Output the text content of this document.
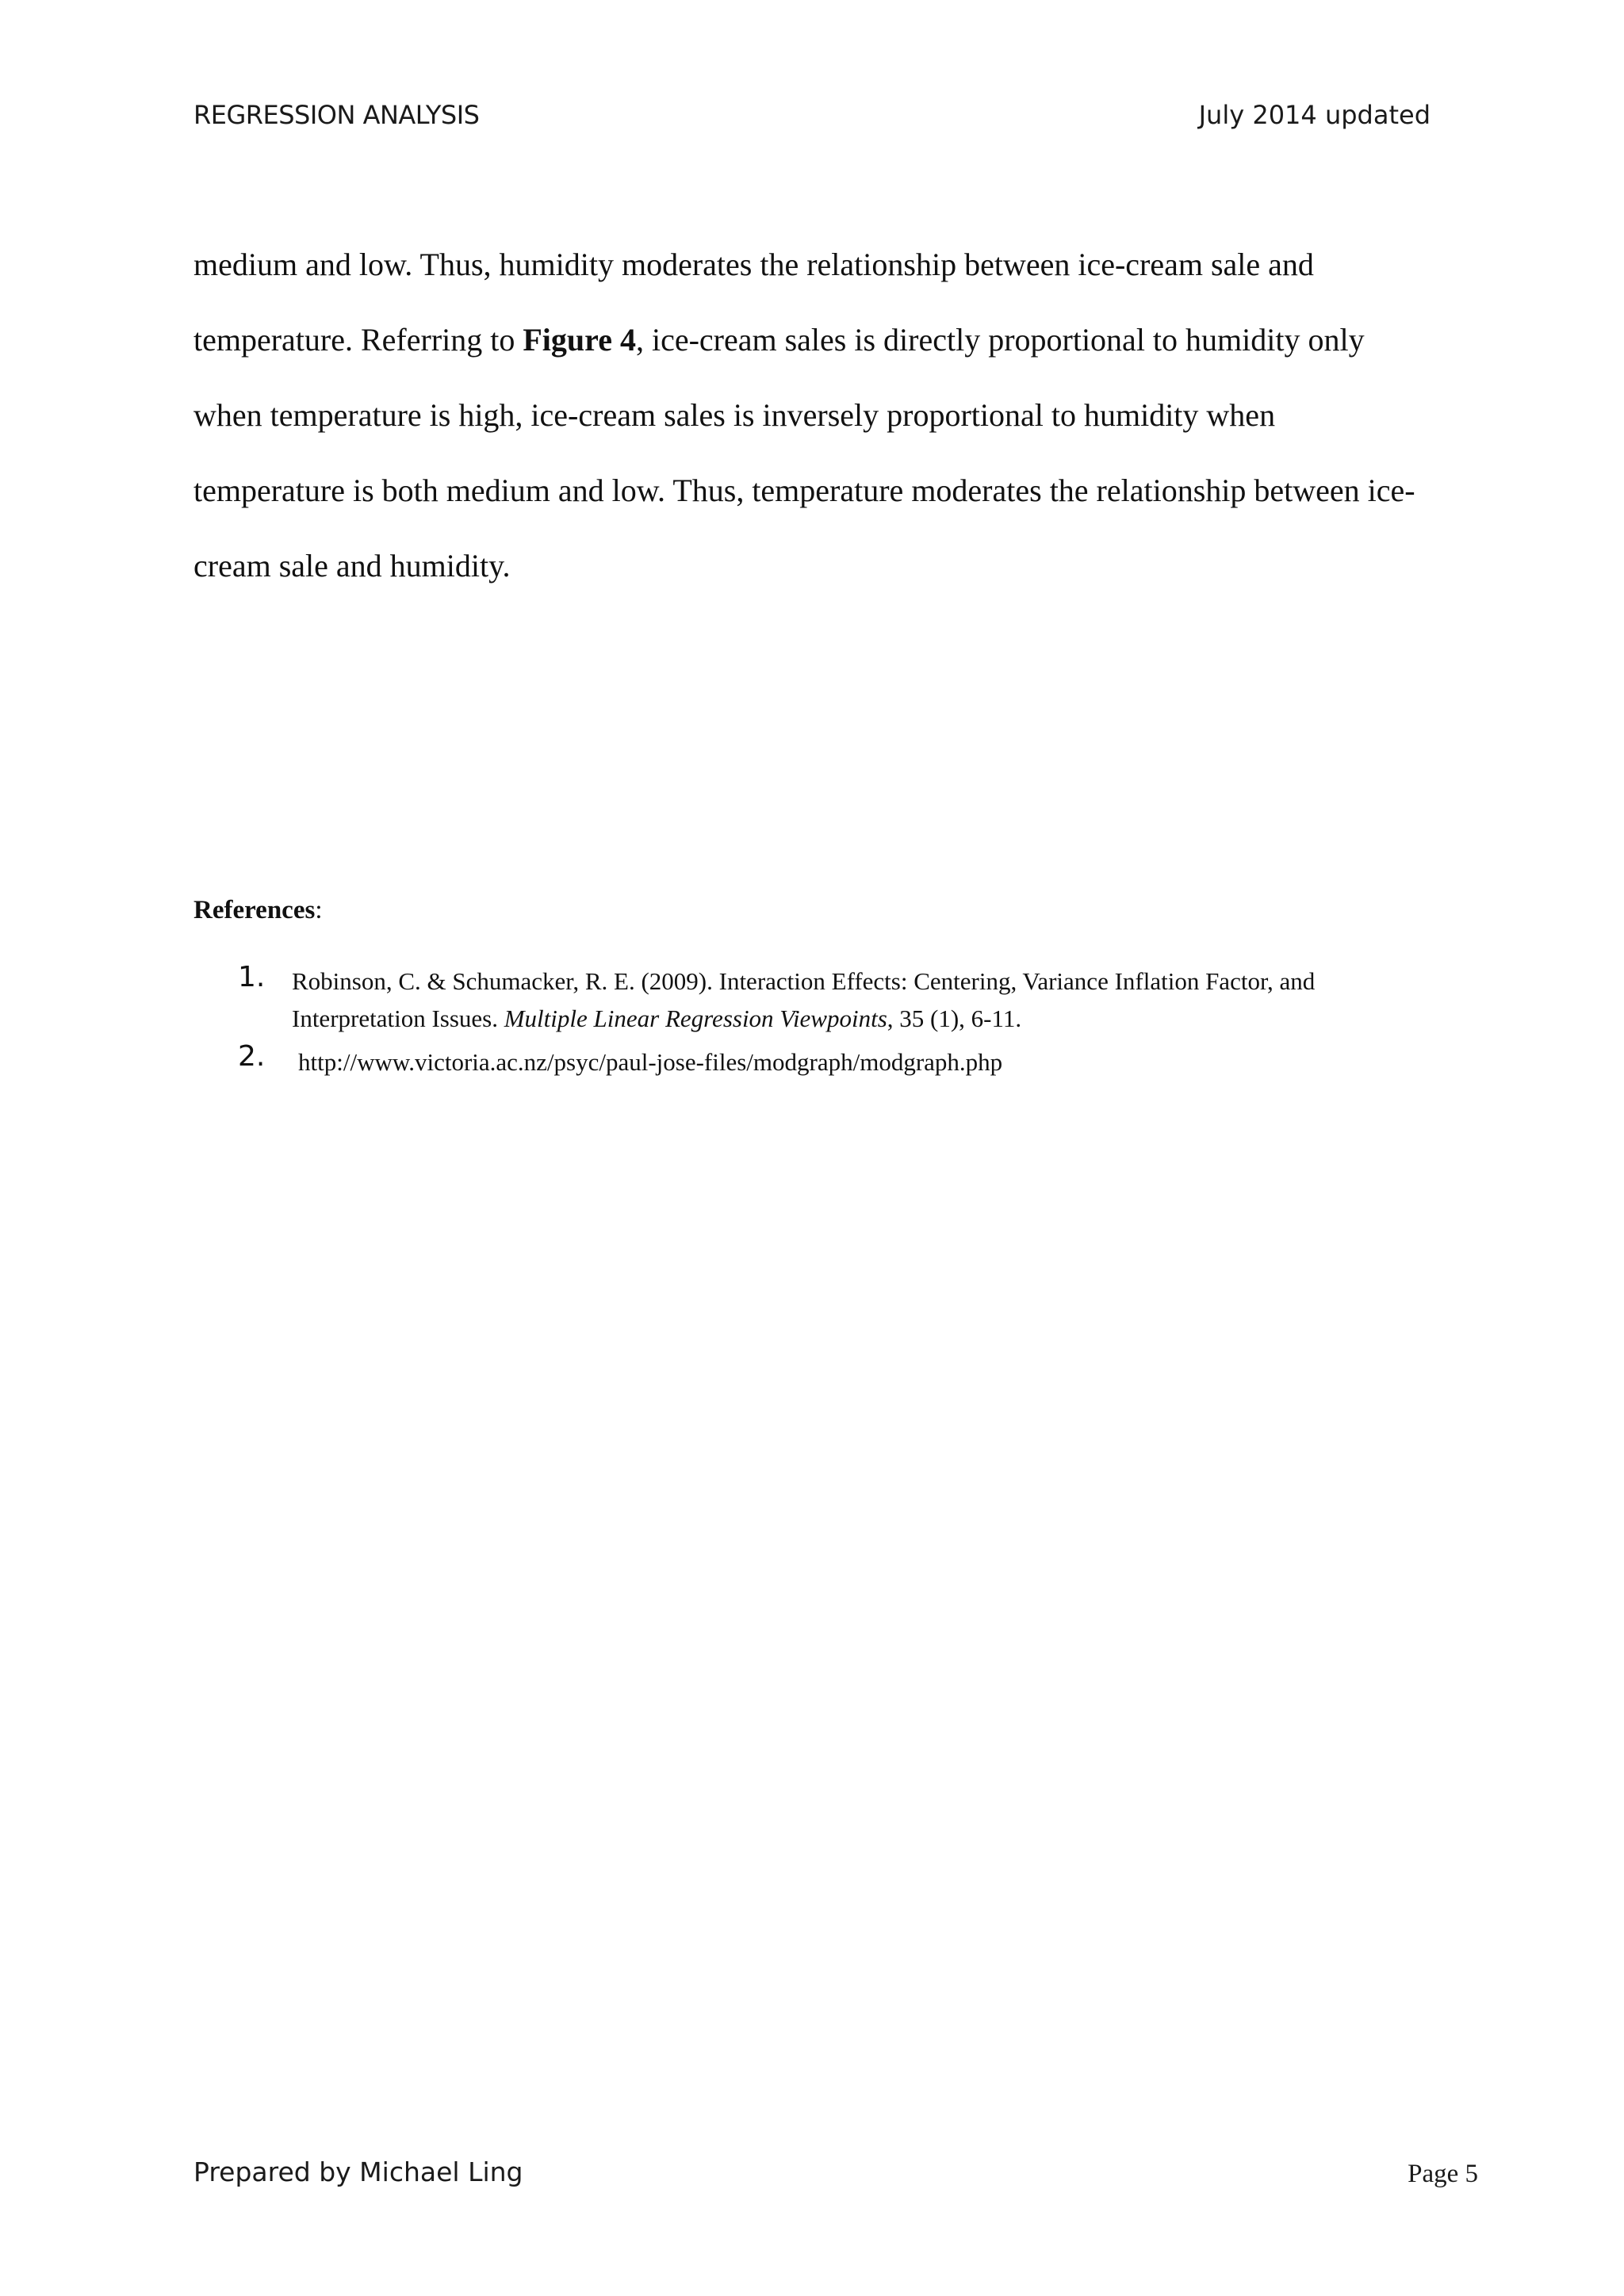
REGRESSION ANALYSIS	July 2014 updated

medium and low. Thus, humidity moderates the relationship between ice-cream sale and

temperature. Referring to Figure 4, ice-cream sales is directly proportional to humidity only

when temperature is high, ice-cream sales is inversely proportional to humidity when

temperature is both medium and low. Thus, temperature moderates the relationship between ice-

cream sale and humidity.

References:
1. Robinson, C. & Schumacker, R. E. (2009). Interaction Effects: Centering, Variance Inflation Factor, and
Interpretation Issues. Multiple Linear Regression Viewpoints, 35 (1), 6-11.
2. http://www.victoria.ac.nz/psyc/paul-jose-files/modgraph/modgraph.php
Prepared by Michael Ling	Page 5
